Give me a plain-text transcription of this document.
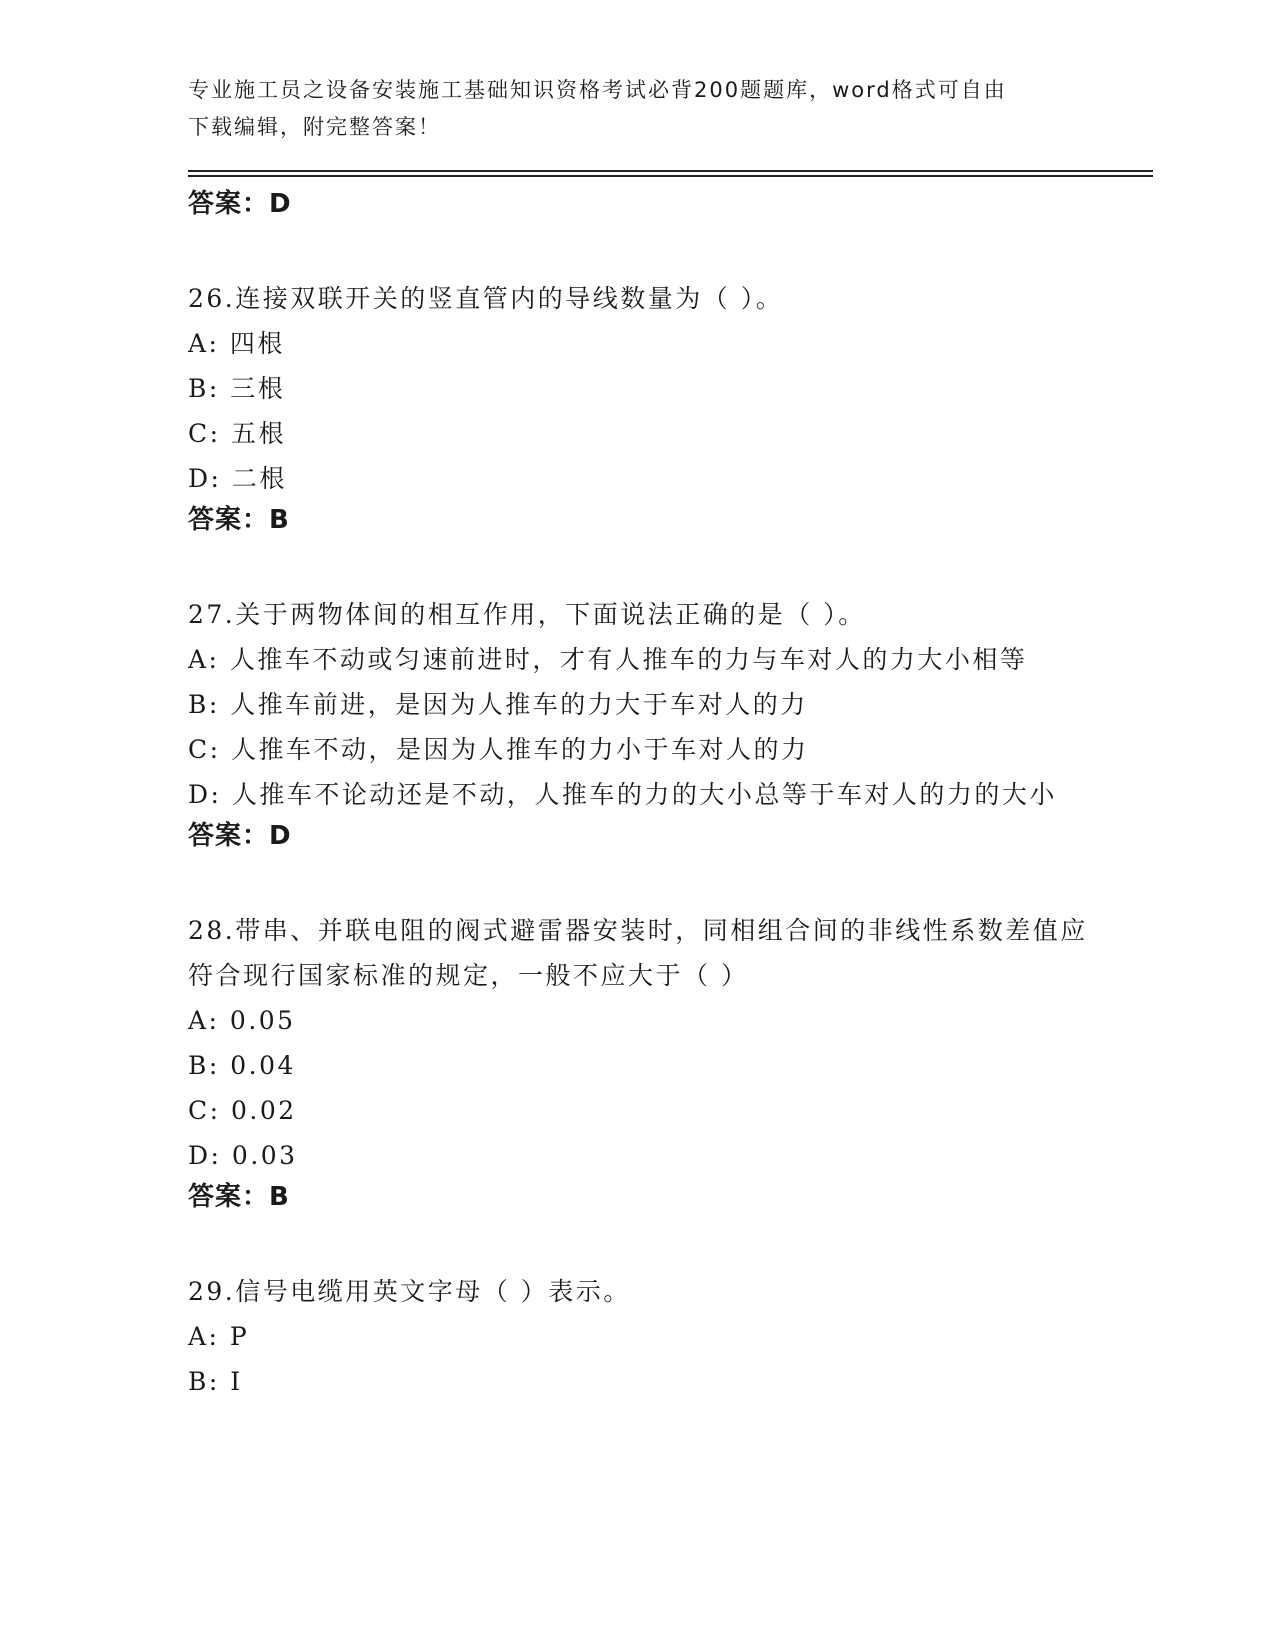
专业施工员之设备安装施工基础知识资格考试必背200题题库，word格式可自由
下载编辑，附完整答案！
答案：D
26.连接双联开关的竖直管内的导线数量为（ ）。
A: 四根
B: 三根
C: 五根
D: 二根
答案：B
27.关于两物体间的相互作用，下面说法正确的是（ ）。
A: 人推车不动或匀速前进时，才有人推车的力与车对人的力大小相等
B: 人推车前进，是因为人推车的力大于车对人的力
C: 人推车不动，是因为人推车的力小于车对人的力
D: 人推车不论动还是不动，人推车的力的大小总等于车对人的力的大小
答案：D
28.带串、并联电阻的阀式避雷器安装时，同相组合间的非线性系数差值应符合现行国家标准的规定，一般不应大于（ ）
A: 0.05
B: 0.04
C: 0.02
D: 0.03
答案：B
29.信号电缆用英文字母（ ）表示。
A: P
B: I
